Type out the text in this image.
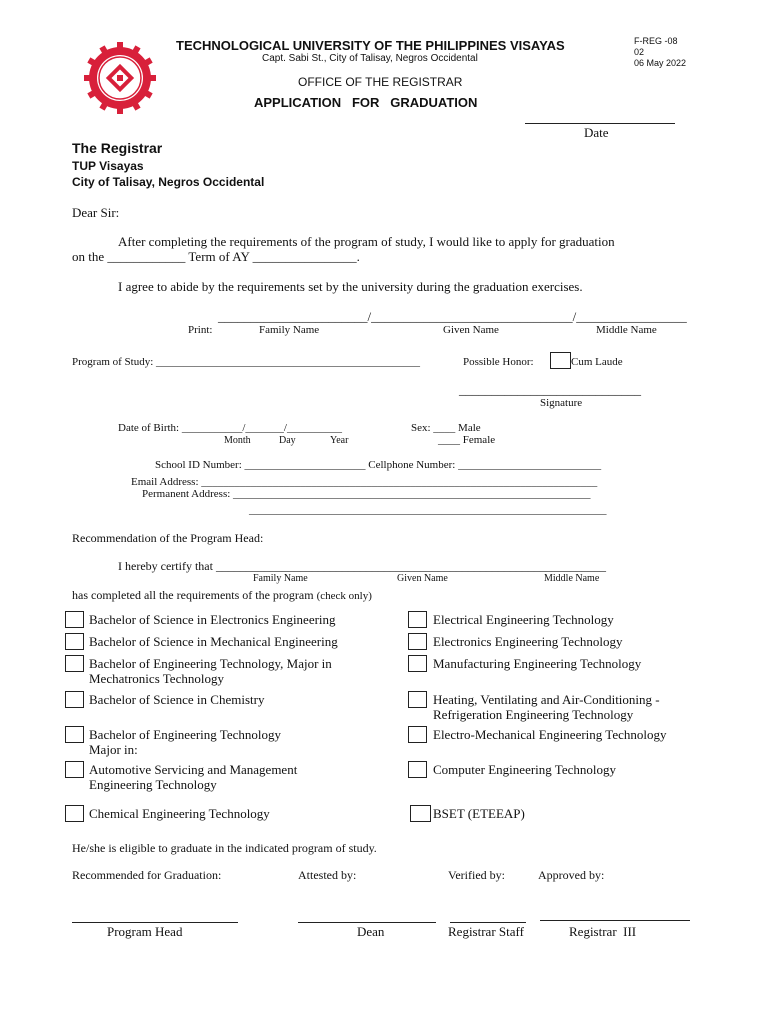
TECHNOLOGICAL UNIVERSITY OF THE PHILIPPINES VISAYAS
Capt. Sabi St., City of Talisay, Negros Occidental
OFFICE OF THE REGISTRAR
APPLICATION   FOR   GRADUATION
F-REG -08
02
06 May 2022
Date
The Registrar
TUP Visayas
City of Talisay, Negros Occidental
Dear Sir:
After completing the requirements of the program of study, I would like to apply for graduation
on the ____________ Term of AY ________________.
I agree to abide by the requirements set by the university during the graduation exercises.
_______________________/_______________________________/_________________
Print:	Family Name	Given Name	Middle Name
Program of Study: ________________________________________________	Possible Honor:	Cum Laude
____________________________
Signature
Date of Birth: ___________/_______/__________
Month	Day	Year
Sex: ____ Male
____ Female
School ID Number: ______________________ Cellphone Number: __________________________
Email Address: ________________________________________________________________________
Permanent Address: _________________________________________________________________
_________________________________________________________________
Recommendation of the Program Head:
I hereby certify that _________________________________________________________________
Family Name	Given Name	Middle Name
has completed all the requirements of the program (check only)
Bachelor of Science in Electronics Engineering
Bachelor of Science in Mechanical Engineering
Bachelor of Engineering Technology, Major in
Mechatronics Technology
Bachelor of Science in Chemistry
Bachelor of Engineering Technology
Major in:
Automotive Servicing and Management
Engineering Technology
Chemical Engineering Technology
Electrical Engineering Technology
Electronics Engineering Technology
Manufacturing Engineering Technology
Heating, Ventilating and Air-Conditioning -
Refrigeration Engineering Technology
Electro-Mechanical Engineering Technology
Computer Engineering Technology
BSET (ETEEAP)
He/she is eligible to graduate in the indicated program of study.
Recommended for Graduation:	Attested by:	Verified by:	Approved by:
Program Head	Dean	Registrar Staff	Registrar  III
